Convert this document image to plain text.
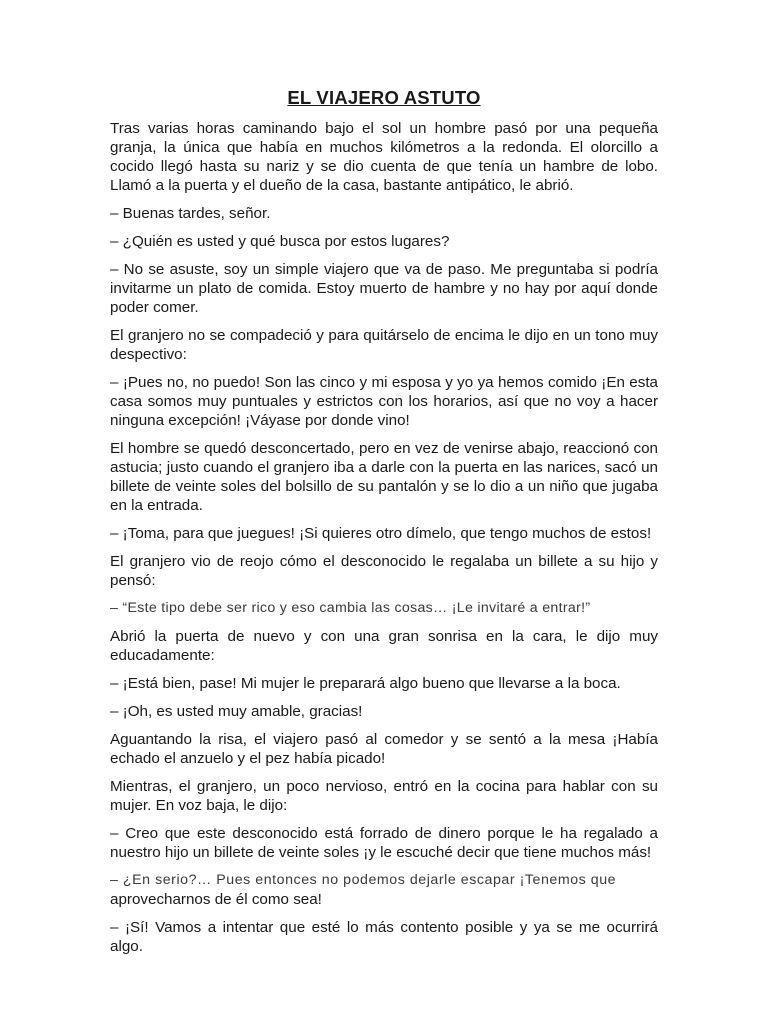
EL VIAJERO ASTUTO
Tras varias horas caminando bajo el sol un hombre pasó por una pequeña granja, la única que había en muchos kilómetros a la redonda. El olorcillo a cocido llegó hasta su nariz y se dio cuenta de que tenía un hambre de lobo. Llamó a la puerta y el dueño de la casa, bastante antipático, le abrió.
– Buenas tardes, señor.
– ¿Quién es usted y qué busca por estos lugares?
– No se asuste, soy un simple viajero que va de paso. Me preguntaba si podría invitarme un plato de comida. Estoy muerto de hambre y no hay por aquí donde poder comer.
El granjero no se compadeció y para quitárselo de encima le dijo en un tono muy despectivo:
– ¡Pues no, no puedo! Son las cinco y mi esposa y yo ya hemos comido ¡En esta casa somos muy puntuales y estrictos con los horarios, así que no voy a hacer ninguna excepción! ¡Váyase por donde vino!
El hombre se quedó desconcertado, pero en vez de venirse abajo, reaccionó con astucia; justo cuando el granjero iba a darle con la puerta en las narices, sacó un billete de veinte soles del bolsillo de su pantalón y se lo dio a un niño que jugaba en la entrada.
– ¡Toma, para que juegues! ¡Si quieres otro dímelo, que tengo muchos de estos!
El granjero vio de reojo cómo el desconocido le regalaba un billete a su hijo y pensó:
– “Este tipo debe ser rico y eso cambia las cosas… ¡Le invitaré a entrar!”
Abrió la puerta de nuevo y con una gran sonrisa en la cara, le dijo muy educadamente:
– ¡Está bien, pase! Mi mujer le preparará algo bueno que llevarse a la boca.
– ¡Oh, es usted muy amable, gracias!
Aguantando la risa, el viajero pasó al comedor y se sentó a la mesa ¡Había echado el anzuelo y el pez había picado!
Mientras, el granjero, un poco nervioso, entró en la cocina para hablar con su mujer. En voz baja, le dijo:
– Creo que este desconocido está forrado de dinero porque le ha regalado a nuestro hijo un billete de veinte soles ¡y le escuché decir que tiene muchos más!
– ¿En serio?… Pues entonces no podemos dejarle escapar ¡Tenemos que
aprovecharnos de él como sea!
– ¡Sí! Vamos a intentar que esté lo más contento posible y ya se me ocurrirá algo.
